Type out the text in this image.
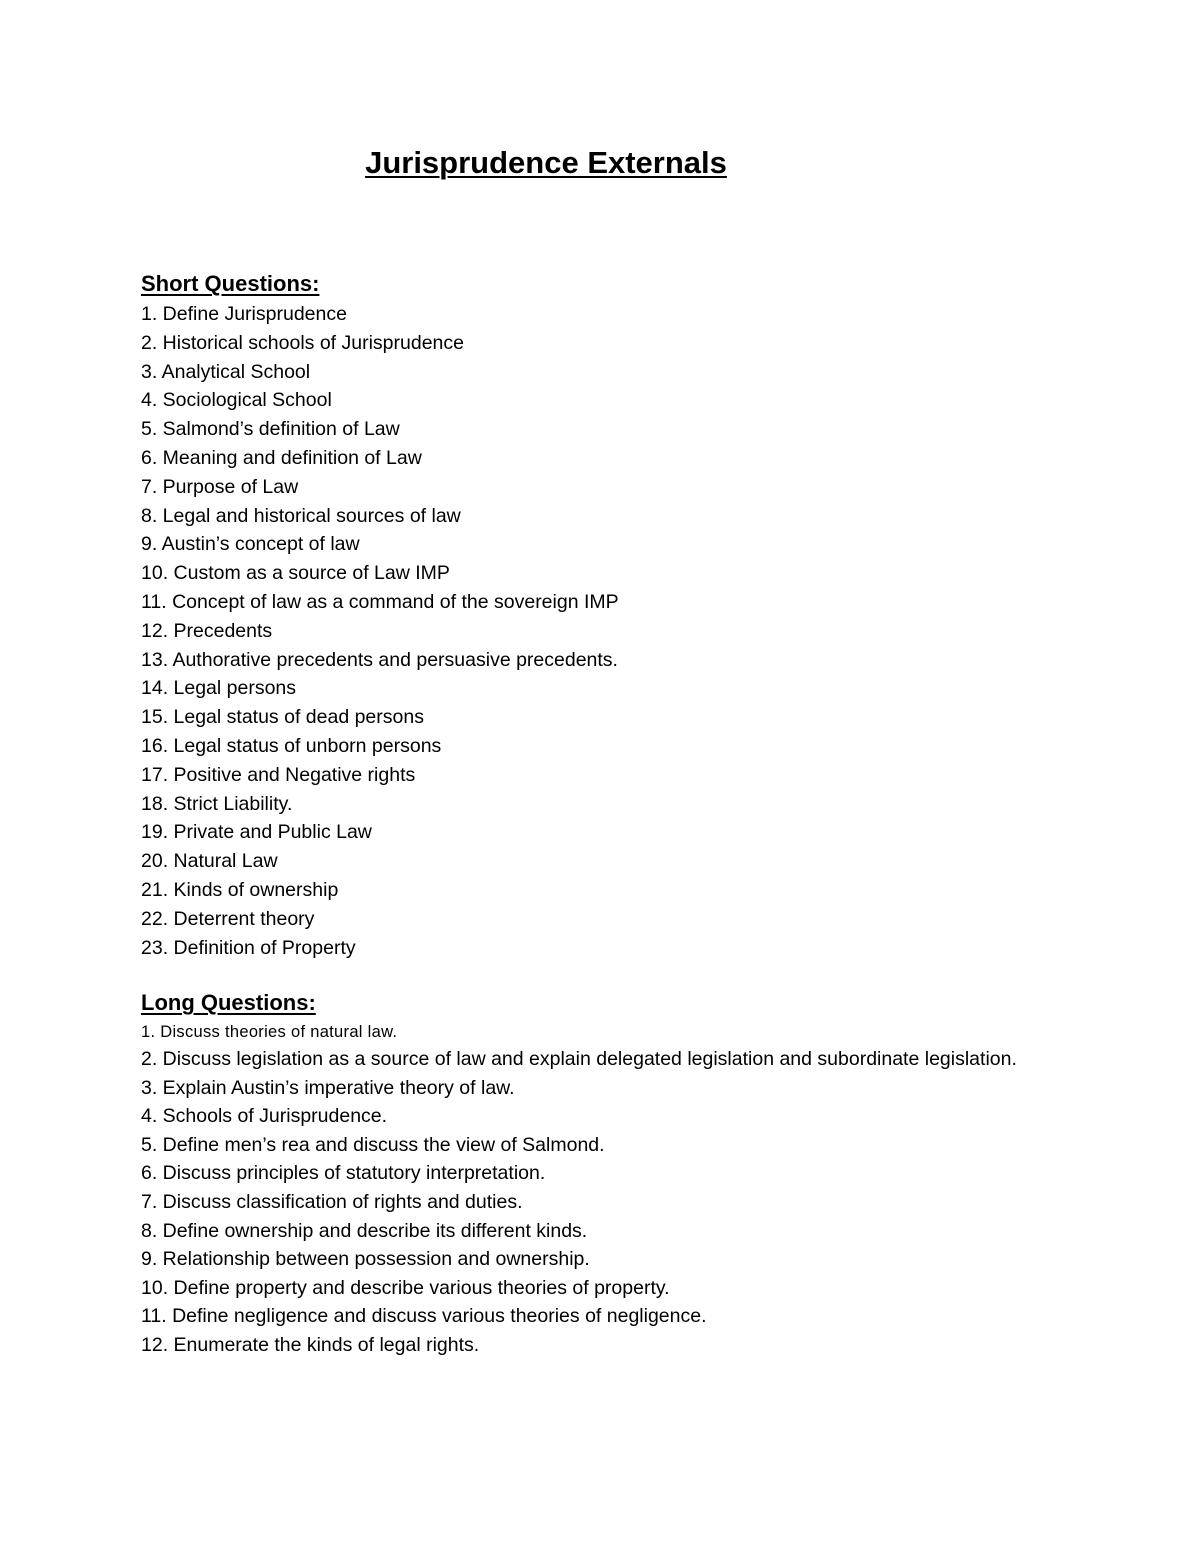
Jurisprudence Externals
Short Questions:
1. Define Jurisprudence
2. Historical schools of Jurisprudence
3. Analytical School
4. Sociological School
5. Salmond’s definition of Law
6. Meaning and definition of Law
7. Purpose of Law
8. Legal and historical sources of law
9. Austin’s concept of law
10. Custom as a source of Law IMP
11. Concept of law as a command of the sovereign IMP
12. Precedents
13. Authorative precedents and persuasive precedents.
14. Legal persons
15. Legal status of dead persons
16. Legal status of unborn persons
17. Positive and Negative rights
18. Strict Liability.
19. Private and Public Law
20. Natural Law
21. Kinds of ownership
22. Deterrent theory
23. Definition of Property
Long Questions:
1. Discuss theories of natural law.
2. Discuss legislation as a source of law and explain delegated legislation and subordinate legislation.
3. Explain Austin’s imperative theory of law.
4. Schools of Jurisprudence.
5. Define men’s rea and discuss the view of Salmond.
6. Discuss principles of statutory interpretation.
7. Discuss classification of rights and duties.
8. Define ownership and describe its different kinds.
9. Relationship between possession and ownership.
10. Define property and describe various theories of property.
11. Define negligence and discuss various theories of negligence.
12. Enumerate the kinds of legal rights.
